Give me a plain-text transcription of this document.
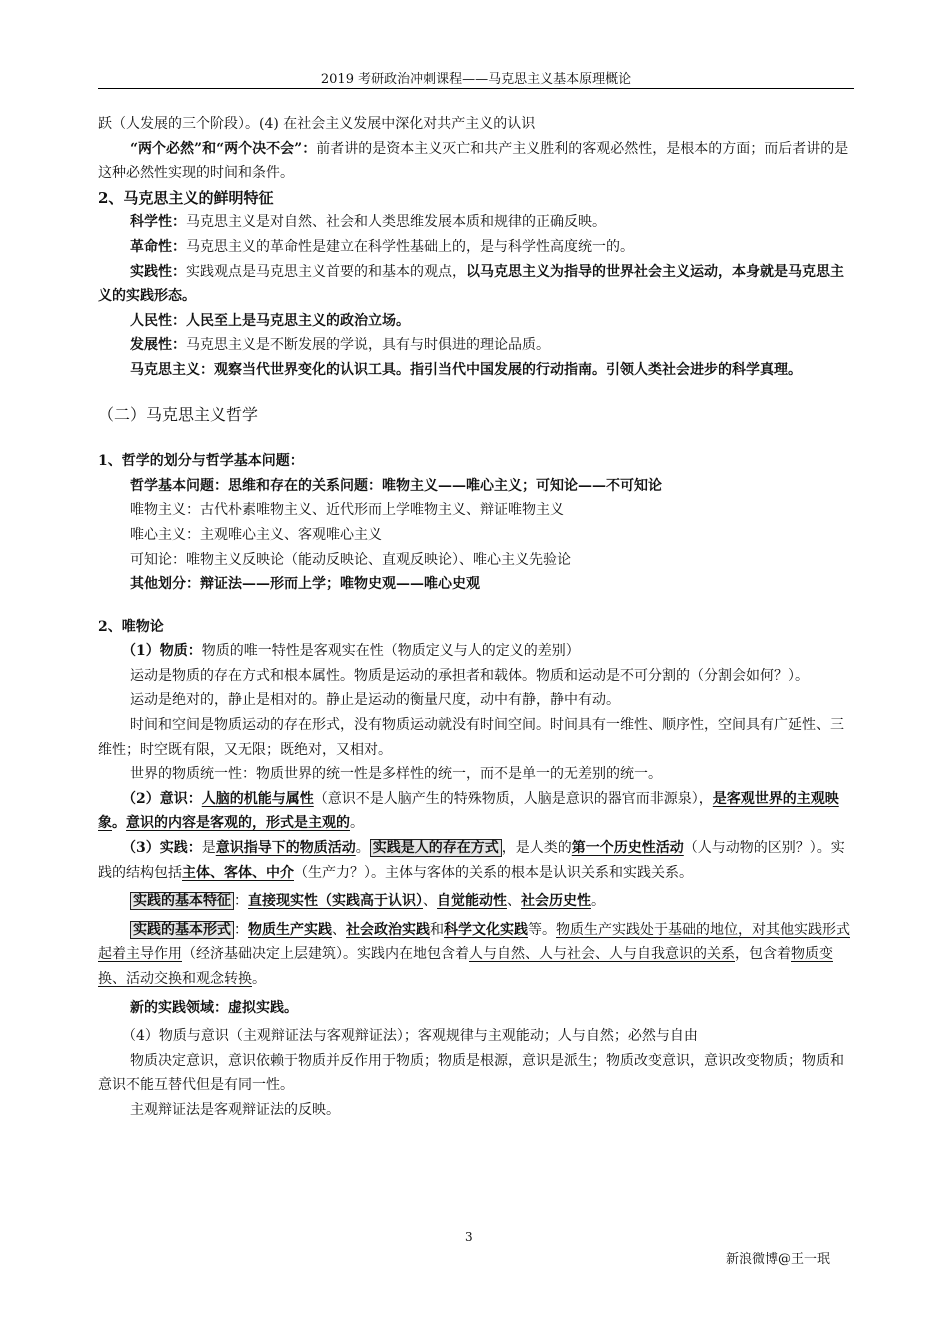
2019 考研政治冲刺课程——马克思主义基本原理概论

跃（人发展的三个阶段）。(4) 在社会主义发展中深化对共产主义的认识

“两个必然”和“两个决不会”：前者讲的是资本主义灭亡和共产主义胜利的客观必然性，是根本的方面；而后者讲的是这种必然性实现的时间和条件。

2、马克思主义的鲜明特征

科学性：马克思主义是对自然、社会和人类思维发展本质和规律的正确反映。

革命性：马克思主义的革命性是建立在科学性基础上的，是与科学性高度统一的。

实践性：实践观点是马克思主义首要的和基本的观点，以马克思主义为指导的世界社会主义运动，本身就是马克思主义的实践形态。

人民性：人民至上是马克思主义的政治立场。

发展性：马克思主义是不断发展的学说，具有与时俱进的理论品质。

马克思主义：观察当代世界变化的认识工具。指引当代中国发展的行动指南。引领人类社会进步的科学真理。

（二）马克思主义哲学

1、哲学的划分与哲学基本问题：

哲学基本问题：思维和存在的关系问题：唯物主义——唯心主义；可知论——不可知论

唯物主义：古代朴素唯物主义、近代形而上学唯物主义、辩证唯物主义

唯心主义：主观唯心主义、客观唯心主义

可知论：唯物主义反映论（能动反映论、直观反映论）、唯心主义先验论

其他划分：辩证法——形而上学；唯物史观——唯心史观

2、唯物论

（1）物质：物质的唯一特性是客观实在性（物质定义与人的定义的差别）

运动是物质的存在方式和根本属性。物质是运动的承担者和载体。物质和运动是不可分割的（分割会如何？）。

运动是绝对的，静止是相对的。静止是运动的衡量尺度，动中有静，静中有动。

时间和空间是物质运动的存在形式，没有物质运动就没有时间空间。时间具有一维性、顺序性，空间具有广延性、三维性；时空既有限，又无限；既绝对，又相对。

世界的物质统一性：物质世界的统一性是多样性的统一，而不是单一的无差别的统一。

（2）意识：人脑的机能与属性（意识不是人脑产生的特殊物质，人脑是意识的器官而非源泉），是客观世界的主观映象。意识的内容是客观的，形式是主观的。

（3）实践：是意识指导下的物质活动。 实践是人的存在方式 ，是人类的第一个历史性活动（人与动物的区别？）。实践的结构包括主体、客体、中介（生产力？）。主体与客体的关系的根本是认识关系和实践关系。

实践的基本特征 ：直接现实性（实践高于认识）、自觉能动性、社会历史性。

实践的基本形式 ：物质生产实践、社会政治实践和科学文化实践等。物质生产实践处于基础的地位，对其他实践形式起着主导作用（经济基础决定上层建筑）。实践内在地包含着人与自然、人与社会、人与自我意识的关系，包含着物质变换、活动交换和观念转换。

新的实践领域：虚拟实践。

（4）物质与意识（主观辩证法与客观辩证法）；客观规律与主观能动；人与自然；必然与自由

物质决定意识，意识依赖于物质并反作用于物质；物质是根源，意识是派生；物质改变意识，意识改变物质；物质和意识不能互替代但是有同一性。

主观辩证法是客观辩证法的反映。

3
新浪微博@王一珉
